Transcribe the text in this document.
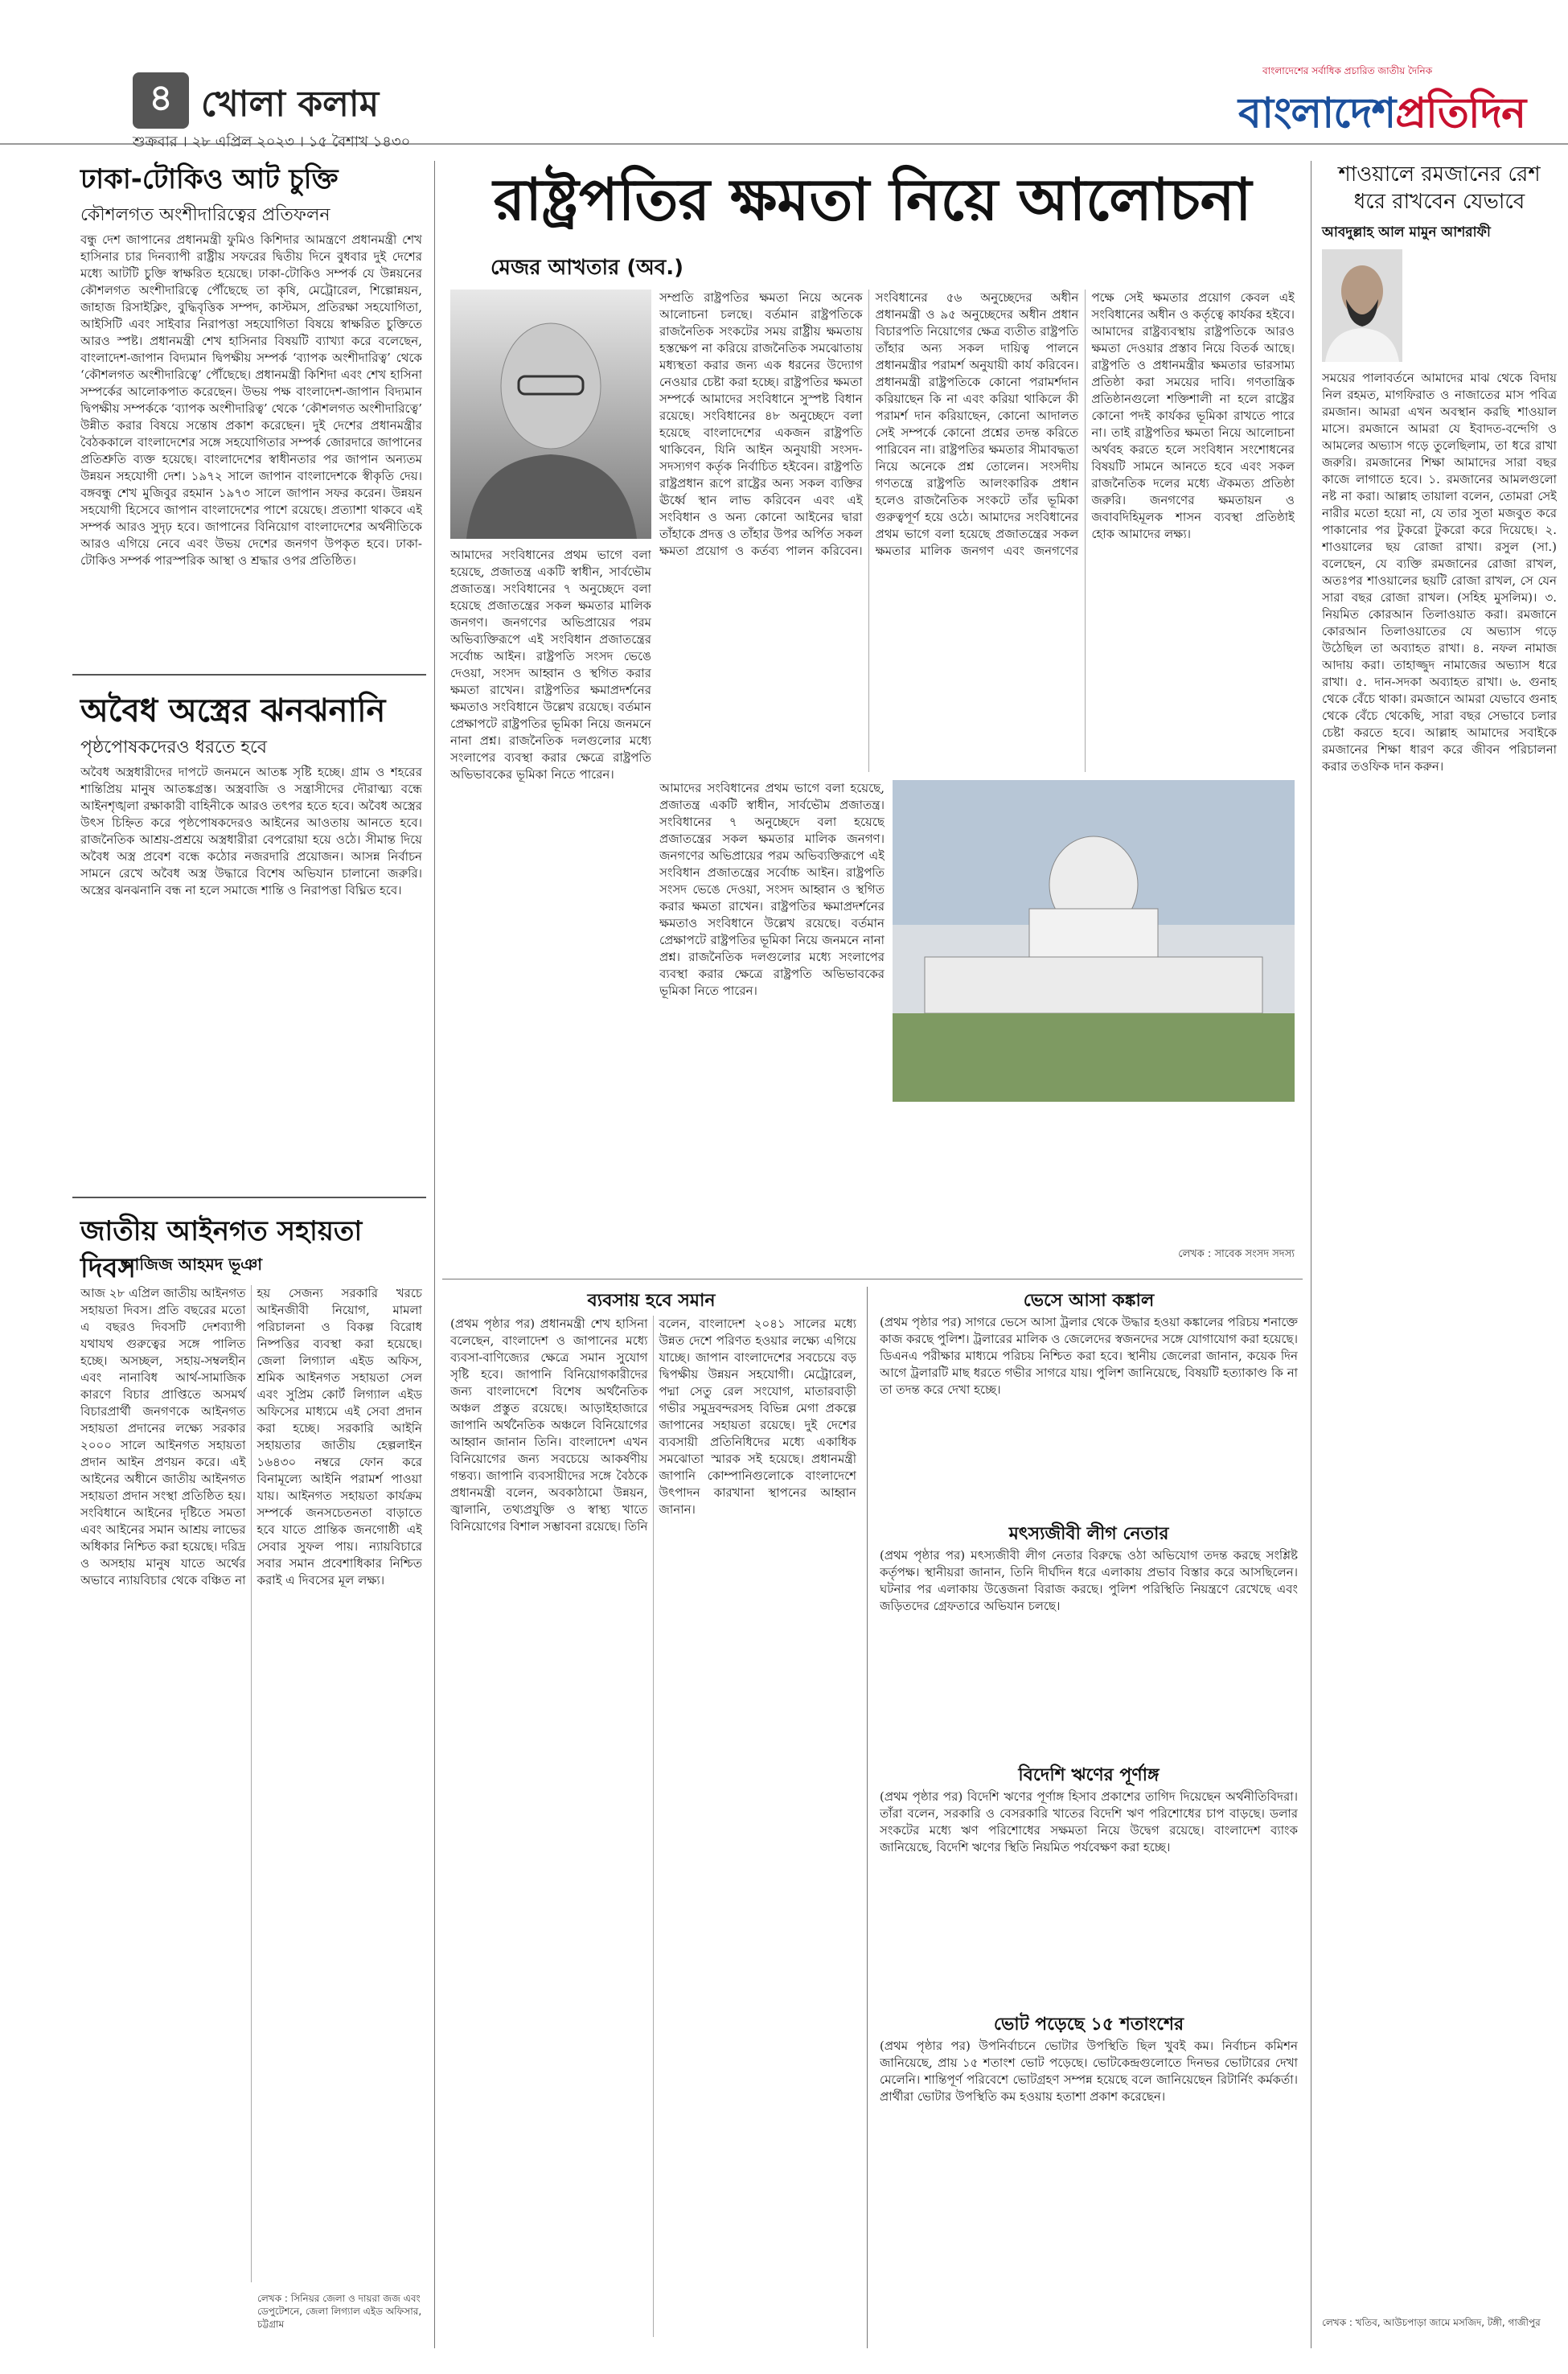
৪ খোলা কলাম
শুক্রবার । ২৮ এপ্রিল ২০২৩ । ১৫ বৈশাখ ১৪৩০
বাংলাদেশের সর্বাধিক প্রচারিত জাতীয় দৈনিক
বাংলাদেশপ্রতিদিন
ঢাকা-টোকিও আট চুক্তি
কৌশলগত অংশীদারিত্বের প্রতিফলন
বন্ধু দেশ জাপানের প্রধানমন্ত্রী ফুমিও কিশিদার আমন্ত্রণে প্রধানমন্ত্রী শেখ হাসিনার চার দিনব্যাপী রাষ্ট্রীয় সফরের দ্বিতীয় দিনে বুধবার দুই দেশের মধ্যে আটটি চুক্তি স্বাক্ষরিত হয়েছে। ঢাকা-টোকিও সম্পর্ক যে উন্নয়নের কৌশলগত অংশীদারিত্বে পৌঁছেছে তা কৃষি, মেট্রোরেল, শিল্পোন্নয়ন, জাহাজ রিসাইক্লিং, বুদ্ধিবৃত্তিক সম্পদ, কাস্টমস, প্রতিরক্ষা সহযোগিতা, আইসিটি এবং সাইবার নিরাপত্তা সহযোগিতা বিষয়ে স্বাক্ষরিত চুক্তিতে আরও স্পষ্ট। প্রধানমন্ত্রী শেখ হাসিনার বিষয়টি ব্যাখ্যা করে বলেছেন, বাংলাদেশ-জাপান বিদ্যমান দ্বিপক্ষীয় সম্পর্ক ‘ব্যাপক অংশীদারিত্ব’ থেকে ‘কৌশলগত অংশীদারিত্বে’ পৌঁছেছে। প্রধানমন্ত্রী কিশিদা এবং শেখ হাসিনা সম্পর্কের আলোকপাত করেছেন। উভয় পক্ষ বাংলাদেশ-জাপান বিদ্যমান দ্বিপক্ষীয় সম্পর্ককে ‘ব্যাপক অংশীদারিত্ব’ থেকে ‘কৌশলগত অংশীদারিত্বে’ উন্নীত করার বিষয়ে সন্তোষ প্রকাশ করেছেন। দুই দেশের প্রধানমন্ত্রীর বৈঠককালে বাংলাদেশের সঙ্গে সহযোগিতার সম্পর্ক জোরদারে জাপানের প্রতিশ্রুতি ব্যক্ত হয়েছে। বাংলাদেশের স্বাধীনতার পর জাপান অন্যতম উন্নয়ন সহযোগী দেশ। ১৯৭২ সালে জাপান বাংলাদেশকে স্বীকৃতি দেয়। বঙ্গবন্ধু শেখ মুজিবুর রহমান ১৯৭৩ সালে জাপান সফর করেন। উন্নয়ন সহযোগী হিসেবে জাপান বাংলাদেশের পাশে রয়েছে। প্রত্যাশা থাকবে এই সম্পর্ক আরও সুদৃঢ় হবে। জাপানের বিনিয়োগ বাংলাদেশের অর্থনীতিকে আরও এগিয়ে নেবে এবং উভয় দেশের জনগণ উপকৃত হবে। ঢাকা-টোকিও সম্পর্ক পারস্পরিক আস্থা ও শ্রদ্ধার ওপর প্রতিষ্ঠিত।
অবৈধ অস্ত্রের ঝনঝনানি
পৃষ্ঠপোষকদেরও ধরতে হবে
অবৈধ অস্ত্রধারীদের দাপটে জনমনে আতঙ্ক সৃষ্টি হচ্ছে। গ্রাম ও শহরের শান্তিপ্রিয় মানুষ আতঙ্কগ্রস্ত। অস্ত্রবাজি ও সন্ত্রাসীদের দৌরাত্ম্য বন্ধে আইনশৃঙ্খলা রক্ষাকারী বাহিনীকে আরও তৎপর হতে হবে। অবৈধ অস্ত্রের উৎস চিহ্নিত করে পৃষ্ঠপোষকদেরও আইনের আওতায় আনতে হবে। রাজনৈতিক আশ্রয়-প্রশ্রয়ে অস্ত্রধারীরা বেপরোয়া হয়ে ওঠে। সীমান্ত দিয়ে অবৈধ অস্ত্র প্রবেশ বন্ধে কঠোর নজরদারি প্রয়োজন। আসন্ন নির্বাচন সামনে রেখে অবৈধ অস্ত্র উদ্ধারে বিশেষ অভিযান চালানো জরুরি। অস্ত্রের ঝনঝনানি বন্ধ না হলে সমাজে শান্তি ও নিরাপত্তা বিঘ্নিত হবে।
জাতীয় আইনগত সহায়তা দিবস
আজিজ আহমদ ভূঞা
আজ ২৮ এপ্রিল জাতীয় আইনগত সহায়তা দিবস। প্রতি বছরের মতো এ বছরও দিবসটি দেশব্যাপী যথাযথ গুরুত্বের সঙ্গে পালিত হচ্ছে। অসচ্ছল, সহায়-সম্বলহীন এবং নানাবিধ আর্থ-সামাজিক কারণে বিচার প্রাপ্তিতে অসমর্থ বিচারপ্রার্থী জনগণকে আইনগত সহায়তা প্রদানের লক্ষ্যে সরকার ২০০০ সালে আইনগত সহায়তা প্রদান আইন প্রণয়ন করে। এই আইনের অধীনে জাতীয় আইনগত সহায়তা প্রদান সংস্থা প্রতিষ্ঠিত হয়। সংবিধানে আইনের দৃষ্টিতে সমতা এবং আইনের সমান আশ্রয় লাভের অধিকার নিশ্চিত করা হয়েছে। দরিদ্র ও অসহায় মানুষ যাতে অর্থের অভাবে ন্যায়বিচার থেকে বঞ্চিত না হয় সেজন্য সরকারি খরচে আইনজীবী নিয়োগ, মামলা পরিচালনা ও বিকল্প বিরোধ নিষ্পত্তির ব্যবস্থা করা হয়েছে। জেলা লিগ্যাল এইড অফিস, শ্রমিক আইনগত সহায়তা সেল এবং সুপ্রিম কোর্ট লিগ্যাল এইড অফিসের মাধ্যমে এই সেবা প্রদান করা হচ্ছে। সরকারি আইনি সহায়তার জাতীয় হেল্পলাইন ১৬৪৩০ নম্বরে ফোন করে বিনামূল্যে আইনি পরামর্শ পাওয়া যায়। আইনগত সহায়তা কার্যক্রম সম্পর্কে জনসচেতনতা বাড়াতে হবে যাতে প্রান্তিক জনগোষ্ঠী এই সেবার সুফল পায়। ন্যায়বিচারে সবার সমান প্রবেশাধিকার নিশ্চিত করাই এ দিবসের মূল লক্ষ্য।
লেখক : সিনিয়র জেলা ও দায়রা জজ এবং ডেপুটেশনে, জেলা লিগ্যাল এইড অফিসার, চট্টগ্রাম
রাষ্ট্রপতির ক্ষমতা নিয়ে আলোচনা
মেজর আখতার (অব.)
সম্প্রতি রাষ্ট্রপতির ক্ষমতা নিয়ে অনেক আলোচনা চলছে। বর্তমান রাষ্ট্রপতিকে রাজনৈতিক সংকটের সময় রাষ্ট্রীয় ক্ষমতায় হস্তক্ষেপ না করিয়ে রাজনৈতিক সমঝোতায় মধ্যস্থতা করার জন্য এক ধরনের উদ্যোগ নেওয়ার চেষ্টা করা হচ্ছে। রাষ্ট্রপতির ক্ষমতা সম্পর্কে আমাদের সংবিধানে সুস্পষ্ট বিধান রয়েছে। সংবিধানের ৪৮ অনুচ্ছেদে বলা হয়েছে বাংলাদেশের একজন রাষ্ট্রপতি থাকিবেন, যিনি আইন অনুযায়ী সংসদ-সদস্যগণ কর্তৃক নির্বাচিত হইবেন। রাষ্ট্রপতি রাষ্ট্রপ্রধান রূপে রাষ্ট্রের অন্য সকল ব্যক্তির ঊর্ধ্বে স্থান লাভ করিবেন এবং এই সংবিধান ও অন্য কোনো আইনের দ্বারা তাঁহাকে প্রদত্ত ও তাঁহার উপর অর্পিত সকল ক্ষমতা প্রয়োগ ও কর্তব্য পালন করিবেন। সংবিধানের ৫৬ অনুচ্ছেদের অধীন প্রধানমন্ত্রী ও ৯৫ অনুচ্ছেদের অধীন প্রধান বিচারপতি নিয়োগের ক্ষেত্র ব্যতীত রাষ্ট্রপতি তাঁহার অন্য সকল দায়িত্ব পালনে প্রধানমন্ত্রীর পরামর্শ অনুযায়ী কার্য করিবেন। প্রধানমন্ত্রী রাষ্ট্রপতিকে কোনো পরামর্শদান করিয়াছেন কি না এবং করিয়া থাকিলে কী পরামর্শ দান করিয়াছেন, কোনো আদালত সেই সম্পর্কে কোনো প্রশ্নের তদন্ত করিতে পারিবেন না। রাষ্ট্রপতির ক্ষমতার সীমাবদ্ধতা নিয়ে অনেকে প্রশ্ন তোলেন। সংসদীয় গণতন্ত্রে রাষ্ট্রপতি আলংকারিক প্রধান হলেও রাজনৈতিক সংকটে তাঁর ভূমিকা গুরুত্বপূর্ণ হয়ে ওঠে। আমাদের সংবিধানের প্রথম ভাগে বলা হয়েছে প্রজাতন্ত্রের সকল ক্ষমতার মালিক জনগণ এবং জনগণের পক্ষে সেই ক্ষমতার প্রয়োগ কেবল এই সংবিধানের অধীন ও কর্তৃত্বে কার্যকর হইবে। আমাদের রাষ্ট্রব্যবস্থায় রাষ্ট্রপতিকে আরও ক্ষমতা দেওয়ার প্রস্তাব নিয়ে বিতর্ক আছে। রাষ্ট্রপতি ও প্রধানমন্ত্রীর ক্ষমতার ভারসাম্য প্রতিষ্ঠা করা সময়ের দাবি। গণতান্ত্রিক প্রতিষ্ঠানগুলো শক্তিশালী না হলে রাষ্ট্রের কোনো পদই কার্যকর ভূমিকা রাখতে পারে না। তাই রাষ্ট্রপতির ক্ষমতা নিয়ে আলোচনা অর্থবহ করতে হলে সংবিধান সংশোধনের বিষয়টি সামনে আনতে হবে এবং সকল রাজনৈতিক দলের মধ্যে ঐকমত্য প্রতিষ্ঠা জরুরি। জনগণের ক্ষমতায়ন ও জবাবদিহিমূলক শাসন ব্যবস্থা প্রতিষ্ঠাই হোক আমাদের লক্ষ্য।
আমাদের সংবিধানের প্রথম ভাগে বলা হয়েছে, প্রজাতন্ত্র একটি স্বাধীন, সার্বভৌম প্রজাতন্ত্র। সংবিধানের ৭ অনুচ্ছেদে বলা হয়েছে প্রজাতন্ত্রের সকল ক্ষমতার মালিক জনগণ। জনগণের অভিপ্রায়ের পরম অভিব্যক্তিরূপে এই সংবিধান প্রজাতন্ত্রের সর্বোচ্চ আইন। রাষ্ট্রপতি সংসদ ভেঙে দেওয়া, সংসদ আহ্বান ও স্থগিত করার ক্ষমতা রাখেন। রাষ্ট্রপতির ক্ষমাপ্রদর্শনের ক্ষমতাও সংবিধানে উল্লেখ রয়েছে। বর্তমান প্রেক্ষাপটে রাষ্ট্রপতির ভূমিকা নিয়ে জনমনে নানা প্রশ্ন। রাজনৈতিক দলগুলোর মধ্যে সংলাপের ব্যবস্থা করার ক্ষেত্রে রাষ্ট্রপতি অভিভাবকের ভূমিকা নিতে পারেন।
আমাদের সংবিধানের প্রথম ভাগে বলা হয়েছে, প্রজাতন্ত্র একটি স্বাধীন, সার্বভৌম প্রজাতন্ত্র। সংবিধানের ৭ অনুচ্ছেদে বলা হয়েছে প্রজাতন্ত্রের সকল ক্ষমতার মালিক জনগণ। জনগণের অভিপ্রায়ের পরম অভিব্যক্তিরূপে এই সংবিধান প্রজাতন্ত্রের সর্বোচ্চ আইন। রাষ্ট্রপতি সংসদ ভেঙে দেওয়া, সংসদ আহ্বান ও স্থগিত করার ক্ষমতা রাখেন। রাষ্ট্রপতির ক্ষমাপ্রদর্শনের ক্ষমতাও সংবিধানে উল্লেখ রয়েছে। বর্তমান প্রেক্ষাপটে রাষ্ট্রপতির ভূমিকা নিয়ে জনমনে নানা প্রশ্ন। রাজনৈতিক দলগুলোর মধ্যে সংলাপের ব্যবস্থা করার ক্ষেত্রে রাষ্ট্রপতি অভিভাবকের ভূমিকা নিতে পারেন।
লেখক : সাবেক সংসদ সদস্য
ব্যবসায় হবে সমান
(প্রথম পৃষ্ঠার পর) প্রধানমন্ত্রী শেখ হাসিনা বলেছেন, বাংলাদেশ ও জাপানের মধ্যে ব্যবসা-বাণিজ্যের ক্ষেত্রে সমান সুযোগ সৃষ্টি হবে। জাপানি বিনিয়োগকারীদের জন্য বাংলাদেশে বিশেষ অর্থনৈতিক অঞ্চল প্রস্তুত রয়েছে। আড়াইহাজারে জাপানি অর্থনৈতিক অঞ্চলে বিনিয়োগের আহ্বান জানান তিনি। বাংলাদেশ এখন বিনিয়োগের জন্য সবচেয়ে আকর্ষণীয় গন্তব্য। জাপানি ব্যবসায়ীদের সঙ্গে বৈঠকে প্রধানমন্ত্রী বলেন, অবকাঠামো উন্নয়ন, জ্বালানি, তথ্যপ্রযুক্তি ও স্বাস্থ্য খাতে বিনিয়োগের বিশাল সম্ভাবনা রয়েছে। তিনি বলেন, বাংলাদেশ ২০৪১ সালের মধ্যে উন্নত দেশে পরিণত হওয়ার লক্ষ্যে এগিয়ে যাচ্ছে। জাপান বাংলাদেশের সবচেয়ে বড় দ্বিপক্ষীয় উন্নয়ন সহযোগী। মেট্রোরেল, পদ্মা সেতু রেল সংযোগ, মাতারবাড়ী গভীর সমুদ্রবন্দরসহ বিভিন্ন মেগা প্রকল্পে জাপানের সহায়তা রয়েছে। দুই দেশের ব্যবসায়ী প্রতিনিধিদের মধ্যে একাধিক সমঝোতা স্মারক সই হয়েছে। প্রধানমন্ত্রী জাপানি কোম্পানিগুলোকে বাংলাদেশে উৎপাদন কারখানা স্থাপনের আহ্বান জানান।
ভেসে আসা কঙ্কাল
(প্রথম পৃষ্ঠার পর) সাগরে ভেসে আসা ট্রলার থেকে উদ্ধার হওয়া কঙ্কালের পরিচয় শনাক্তে কাজ করছে পুলিশ। ট্রলারের মালিক ও জেলেদের স্বজনদের সঙ্গে যোগাযোগ করা হয়েছে। ডিএনএ পরীক্ষার মাধ্যমে পরিচয় নিশ্চিত করা হবে। স্থানীয় জেলেরা জানান, কয়েক দিন আগে ট্রলারটি মাছ ধরতে গভীর সাগরে যায়। পুলিশ জানিয়েছে, বিষয়টি হত্যাকাণ্ড কি না তা তদন্ত করে দেখা হচ্ছে।
মৎস্যজীবী লীগ নেতার
(প্রথম পৃষ্ঠার পর) মৎস্যজীবী লীগ নেতার বিরুদ্ধে ওঠা অভিযোগ তদন্ত করছে সংশ্লিষ্ট কর্তৃপক্ষ। স্থানীয়রা জানান, তিনি দীর্ঘদিন ধরে এলাকায় প্রভাব বিস্তার করে আসছিলেন। ঘটনার পর এলাকায় উত্তেজনা বিরাজ করছে। পুলিশ পরিস্থিতি নিয়ন্ত্রণে রেখেছে এবং জড়িতদের গ্রেফতারে অভিযান চলছে।
বিদেশি ঋণের পূর্ণাঙ্গ
(প্রথম পৃষ্ঠার পর) বিদেশি ঋণের পূর্ণাঙ্গ হিসাব প্রকাশের তাগিদ দিয়েছেন অর্থনীতিবিদরা। তাঁরা বলেন, সরকারি ও বেসরকারি খাতের বিদেশি ঋণ পরিশোধের চাপ বাড়ছে। ডলার সংকটের মধ্যে ঋণ পরিশোধের সক্ষমতা নিয়ে উদ্বেগ রয়েছে। বাংলাদেশ ব্যাংক জানিয়েছে, বিদেশি ঋণের স্থিতি নিয়মিত পর্যবেক্ষণ করা হচ্ছে।
ভোট পড়েছে ১৫ শতাংশের
(প্রথম পৃষ্ঠার পর) উপনির্বাচনে ভোটার উপস্থিতি ছিল খুবই কম। নির্বাচন কমিশন জানিয়েছে, প্রায় ১৫ শতাংশ ভোট পড়েছে। ভোটকেন্দ্রগুলোতে দিনভর ভোটারের দেখা মেলেনি। শান্তিপূর্ণ পরিবেশে ভোটগ্রহণ সম্পন্ন হয়েছে বলে জানিয়েছেন রিটার্নিং কর্মকর্তা। প্রার্থীরা ভোটার উপস্থিতি কম হওয়ায় হতাশা প্রকাশ করেছেন।
শাওয়ালে রমজানের রেশ ধরে রাখবেন যেভাবে
আবদুল্লাহ আল মামুন আশরাফী
সময়ের পালাবর্তনে আমাদের মাঝ থেকে বিদায় নিল রহমত, মাগফিরাত ও নাজাতের মাস পবিত্র রমজান। আমরা এখন অবস্থান করছি শাওয়াল মাসে। রমজানে আমরা যে ইবাদত-বন্দেগি ও আমলের অভ্যাস গড়ে তুলেছিলাম, তা ধরে রাখা জরুরি। রমজানের শিক্ষা আমাদের সারা বছর কাজে লাগাতে হবে। ১. রমজানের আমলগুলো নষ্ট না করা। আল্লাহ তায়ালা বলেন, তোমরা সেই নারীর মতো হয়ো না, যে তার সুতা মজবুত করে পাকানোর পর টুকরো টুকরো করে দিয়েছে। ২. শাওয়ালের ছয় রোজা রাখা। রসুল (সা.) বলেছেন, যে ব্যক্তি রমজানের রোজা রাখল, অতঃপর শাওয়ালের ছয়টি রোজা রাখল, সে যেন সারা বছর রোজা রাখল। (সহিহ মুসলিম)। ৩. নিয়মিত কোরআন তিলাওয়াত করা। রমজানে কোরআন তিলাওয়াতের যে অভ্যাস গড়ে উঠেছিল তা অব্যাহত রাখা। ৪. নফল নামাজ আদায় করা। তাহাজ্জুদ নামাজের অভ্যাস ধরে রাখা। ৫. দান-সদকা অব্যাহত রাখা। ৬. গুনাহ থেকে বেঁচে থাকা। রমজানে আমরা যেভাবে গুনাহ থেকে বেঁচে থেকেছি, সারা বছর সেভাবে চলার চেষ্টা করতে হবে। আল্লাহ আমাদের সবাইকে রমজানের শিক্ষা ধারণ করে জীবন পরিচালনা করার তওফিক দান করুন।
লেখক : খতিব, আউচপাড়া জামে মসজিদ, টঙ্গী, গাজীপুর
